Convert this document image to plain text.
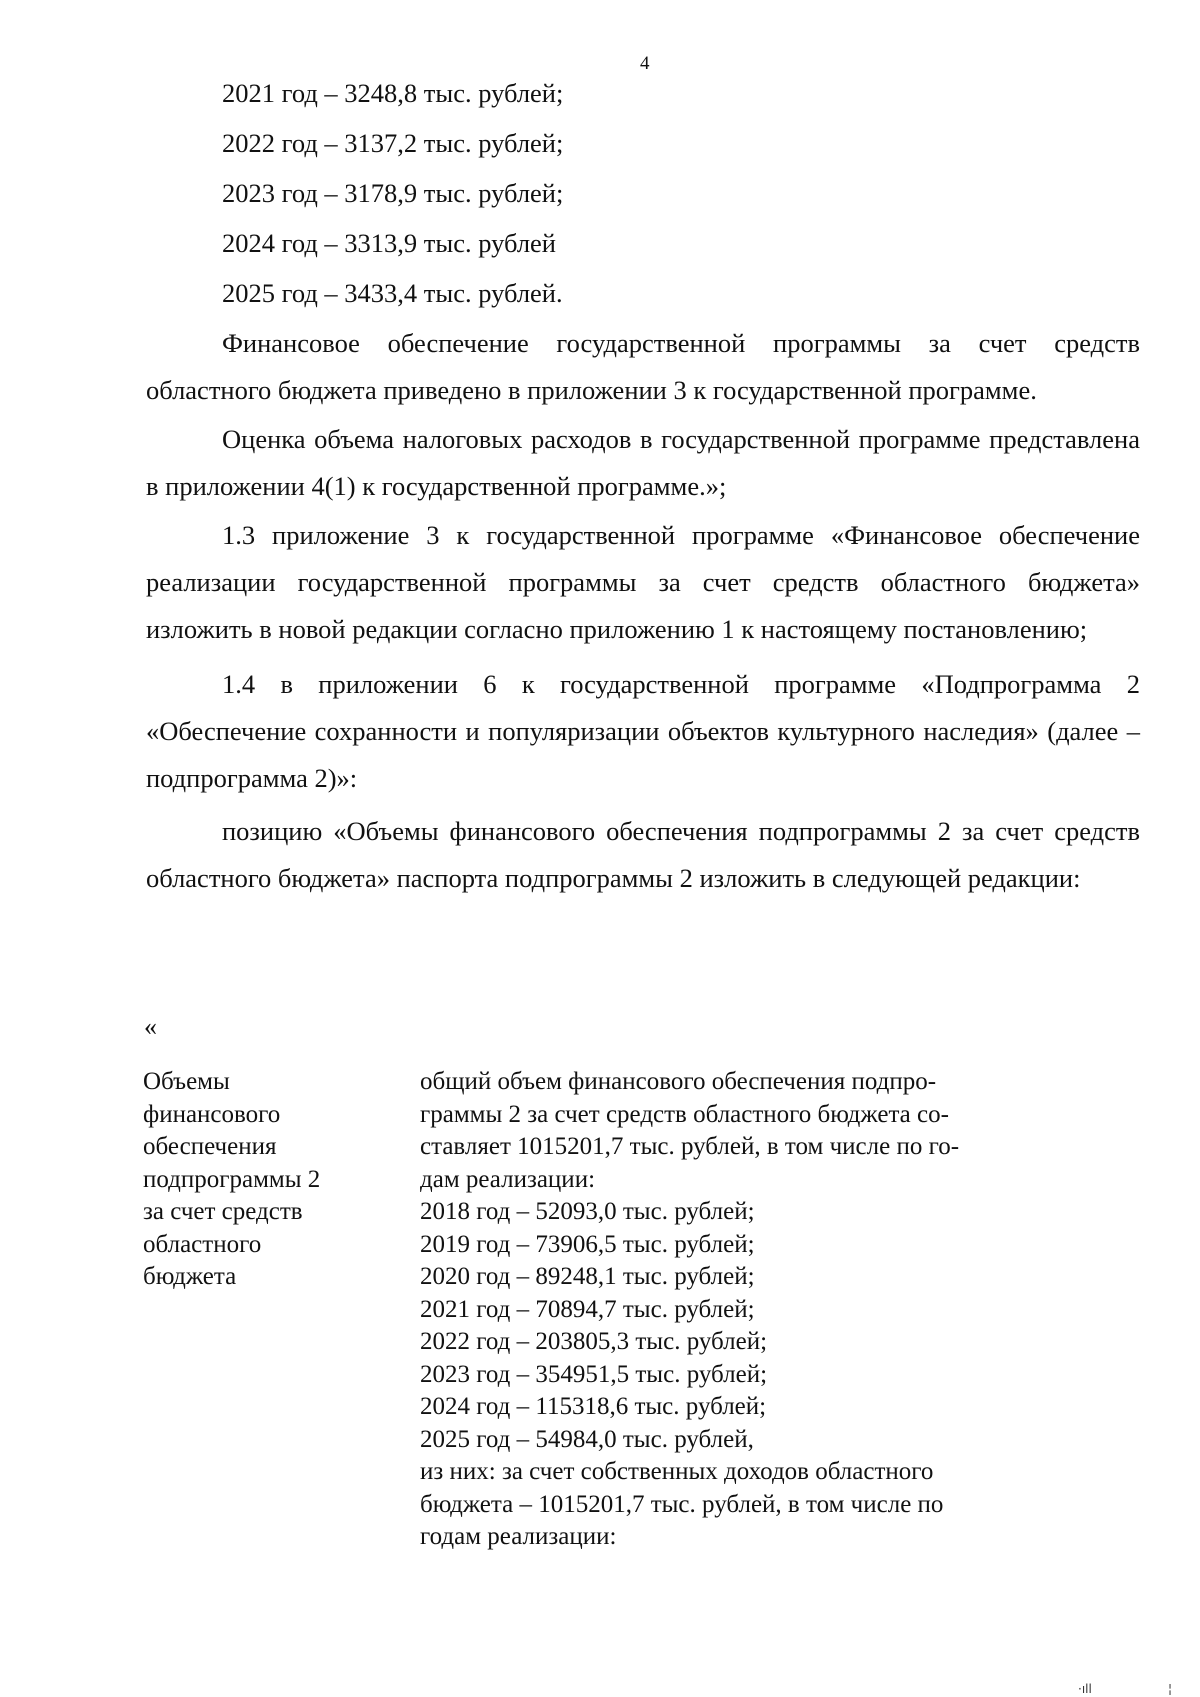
4
2021 год – 3248,8 тыс. рублей;
2022 год – 3137,2 тыс. рублей;
2023 год – 3178,9 тыс. рублей;
2024 год – 3313,9 тыс. рублей
2025 год – 3433,4 тыс. рублей.

Финансовое обеспечение государственной программы за счет средств областного бюджета приведено в приложении 3 к государственной программе.

Оценка объема налоговых расходов в государственной программе представлена в приложении 4(1) к государственной программе.»;

1.3 приложение 3 к государственной программе «Финансовое обеспечение реализации государственной программы за счет средств областного бюджета» изложить в новой редакции согласно приложению 1 к настоящему постановлению;

1.4 в приложении 6 к государственной программе «Подпрограмма 2 «Обеспечение сохранности и популяризации объектов культурного наследия» (далее – подпрограмма 2)»:

позицию «Объемы финансового обеспечения подпрограммы 2 за счет средств областного бюджета» паспорта подпрограммы 2 изложить в следующей редакции:

«
Объемы
финансового
обеспечения
подпрограммы 2
за счет средств
областного
бюджета
общий объем финансового обеспечения подпро-
граммы 2 за счет средств областного бюджета со-
ставляет 1015201,7 тыс. рублей, в том числе по го-
дам реализации:
2018 год – 52093,0 тыс. рублей;
2019 год – 73906,5 тыс. рублей;
2020 год – 89248,1 тыс. рублей;
2021 год – 70894,7 тыс. рублей;
2022 год – 203805,3 тыс. рублей;
2023 год – 354951,5 тыс. рублей;
2024 год – 115318,6 тыс. рублей;
2025 год – 54984,0 тыс. рублей,
из них: за счет собственных доходов областного
бюджета – 1015201,7 тыс. рублей, в том числе по
годам реализации:
·ıll	¦
